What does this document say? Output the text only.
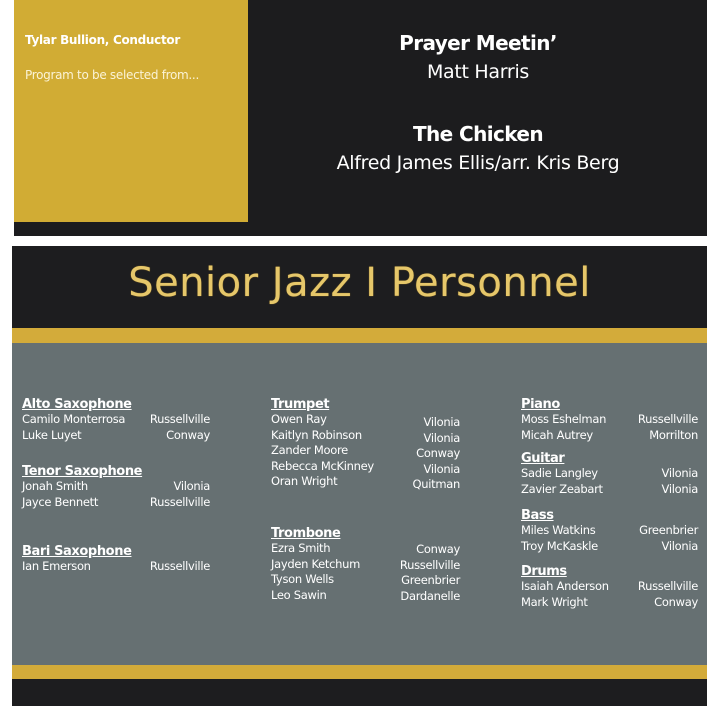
Tylar Bullion, Conductor
Program to be selected from...
Prayer Meetin’
Matt Harris
The Chicken
Alfred James Ellis/arr. Kris Berg
Senior Jazz I Personnel
Alto Saxophone
Camilo Monterrosa Russellville
Luke Luyet	Conway
Tenor Saxophone
Jonah Smith	Vilonia
Jayce Bennett	Russellville
Bari Saxophone
Ian Emerson	Russellville
Trumpet
Owen Ray	Vilonia
Kaitlyn Robinson	Vilonia
Zander Moore	Conway
Rebecca McKinney	Vilonia
Oran Wright	Quitman
Trombone
Ezra Smith	Conway
Jayden Ketchum	Russellville
Tyson Wells	Greenbrier
Leo Sawin	Dardanelle
Piano
Moss Eshelman	Russellville
Micah Autrey	Morrilton
Guitar
Sadie Langley	Vilonia
Zavier Zeabart	Vilonia
Bass
Miles Watkins	Greenbrier
Troy McKaskle	Vilonia
Drums
Isaiah Anderson	Russellville
Mark Wright	Conway
